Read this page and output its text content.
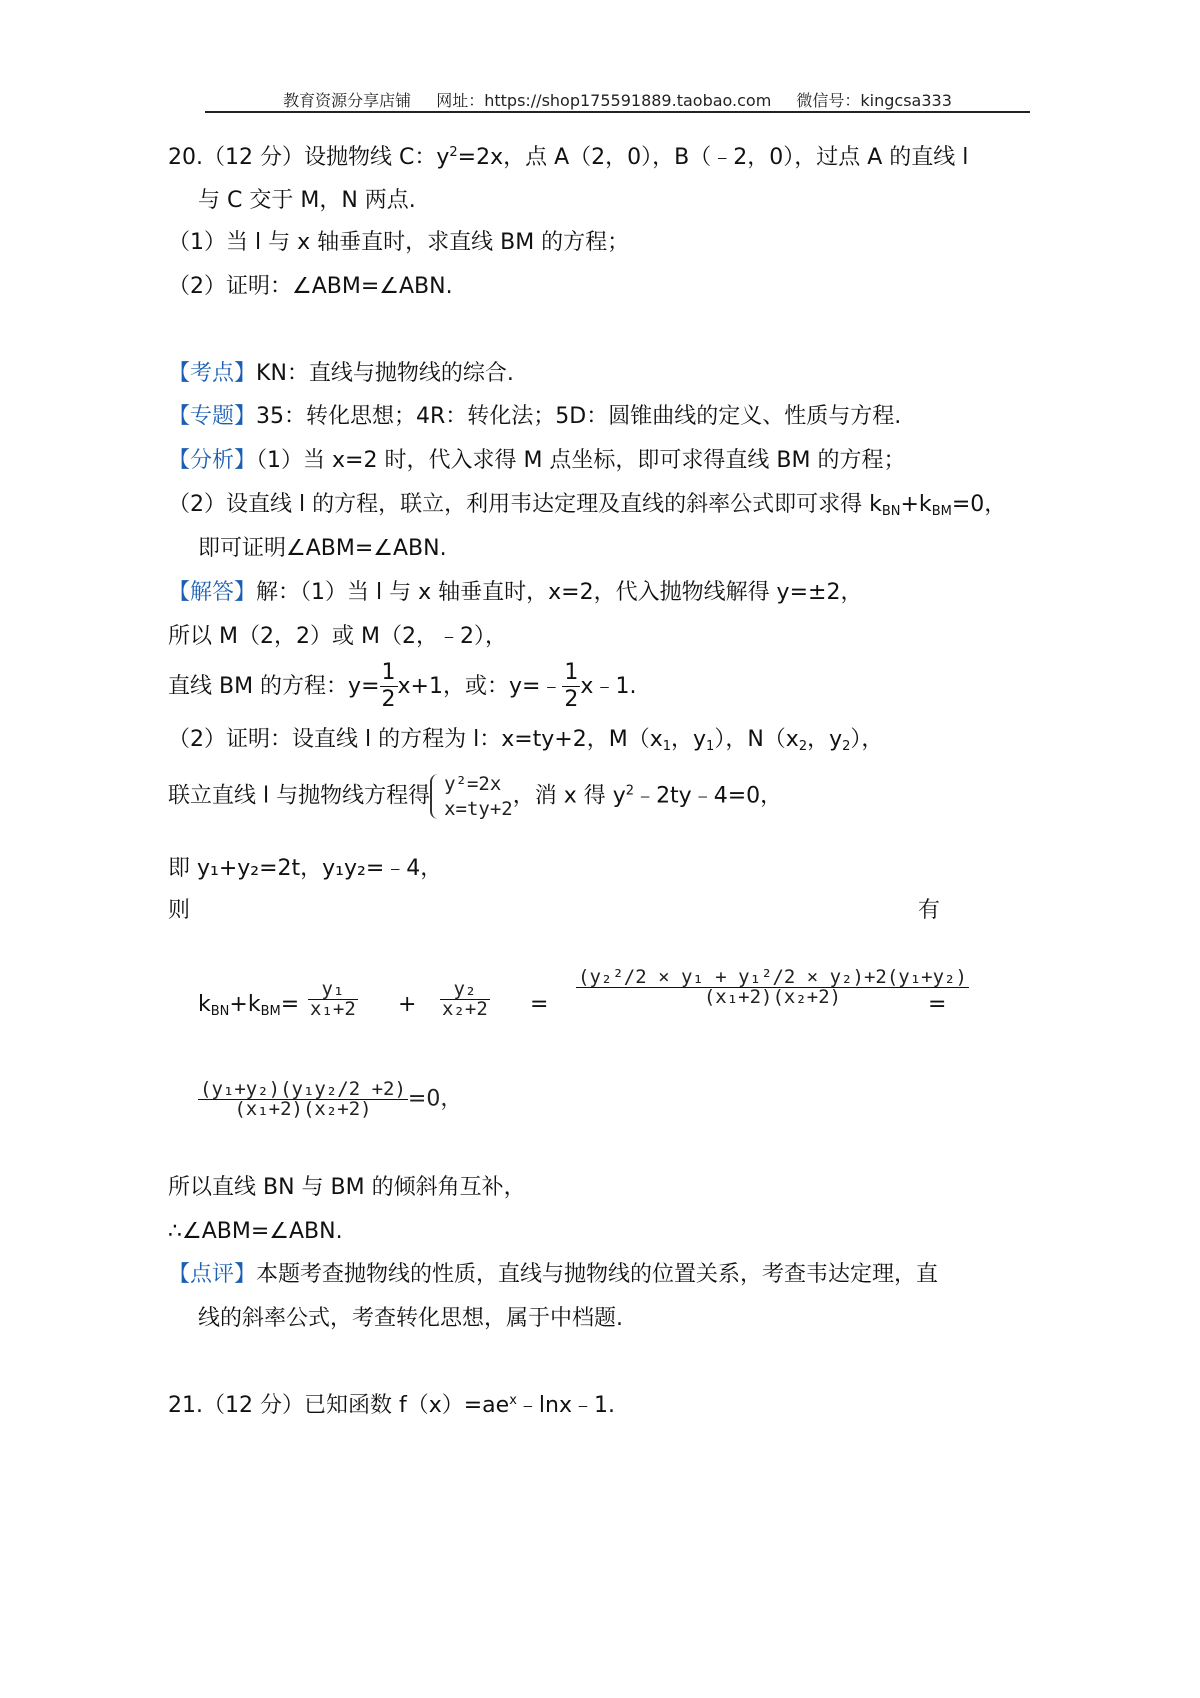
教育资源分享店铺 网址：https://shop175591889.taobao.com 微信号：kingcsa333
20.（12 分）设抛物线 C：$y^2=2x$，点 A（2，0），B（﹣2，0），过点 A 的直线 l
与 C 交于 M，N 两点.
（1）当 l 与 x 轴垂直时，求直线 BM 的方程；
（2）证明：∠ABM=∠ABN.
【考点】KN：直线与抛物线的综合.
【专题】35：转化思想；4R：转化法；5D：圆锥曲线的定义、性质与方程.
【分析】（1）当 x=2 时，代入求得 M 点坐标，即可求得直线 BM 的方程；
（2）设直线 l 的方程，联立，利用韦达定理及直线的斜率公式即可求得 $k_{BN}+k_{BM}=0$，
即可证明∠ABM=∠ABN.
【解答】解：（1）当 l 与 x 轴垂直时，x=2，代入抛物线解得 y=±2，
所以 M（2，2）或 M（2，﹣2），
直线 BM 的方程：$y= \frac{1}{2} x+1$，或：y=﹣ $\frac{1}{2}$ x﹣1.
（2）证明：设直线 l 的方程为 l：x=ty+2，$M(x_1$，$y_1$），$N(x_2$，$y_2$），
联立直线 l 与抛物线方程得 y²=2x
x=ty+2 ，消 x 得 $y^2﹣2ty﹣4=0$，
即 y₁+y₂=2t，y₁y₂=﹣4，
则	有
$k_{BN}+k_{BM}= \frac{\text{y₁}}{\text{x₁+2}} + \frac{\text{y₂}}{\text{x₂+2}} = \frac{\text{(y₂²/2 × y₁ + y₁²/2 × y₂)+2(y₁+y₂)}}{\text{(x₁+2)(x₂+2)}}$
=
$\frac{\text{(y₁+y₂)(y₁y₂/2 +2)}}{\text{(x₁+2)(x₂+2)}} =0$，
所以直线 BN 与 BM 的倾斜角互补，
∴∠ABM=∠ABN.
【点评】本题考查抛物线的性质，直线与抛物线的位置关系，考查韦达定理，直
线的斜率公式，考查转化思想，属于中档题.
21.（12 分）已知函数 $f(x)=ae^x﹣\ln x﹣1$.
